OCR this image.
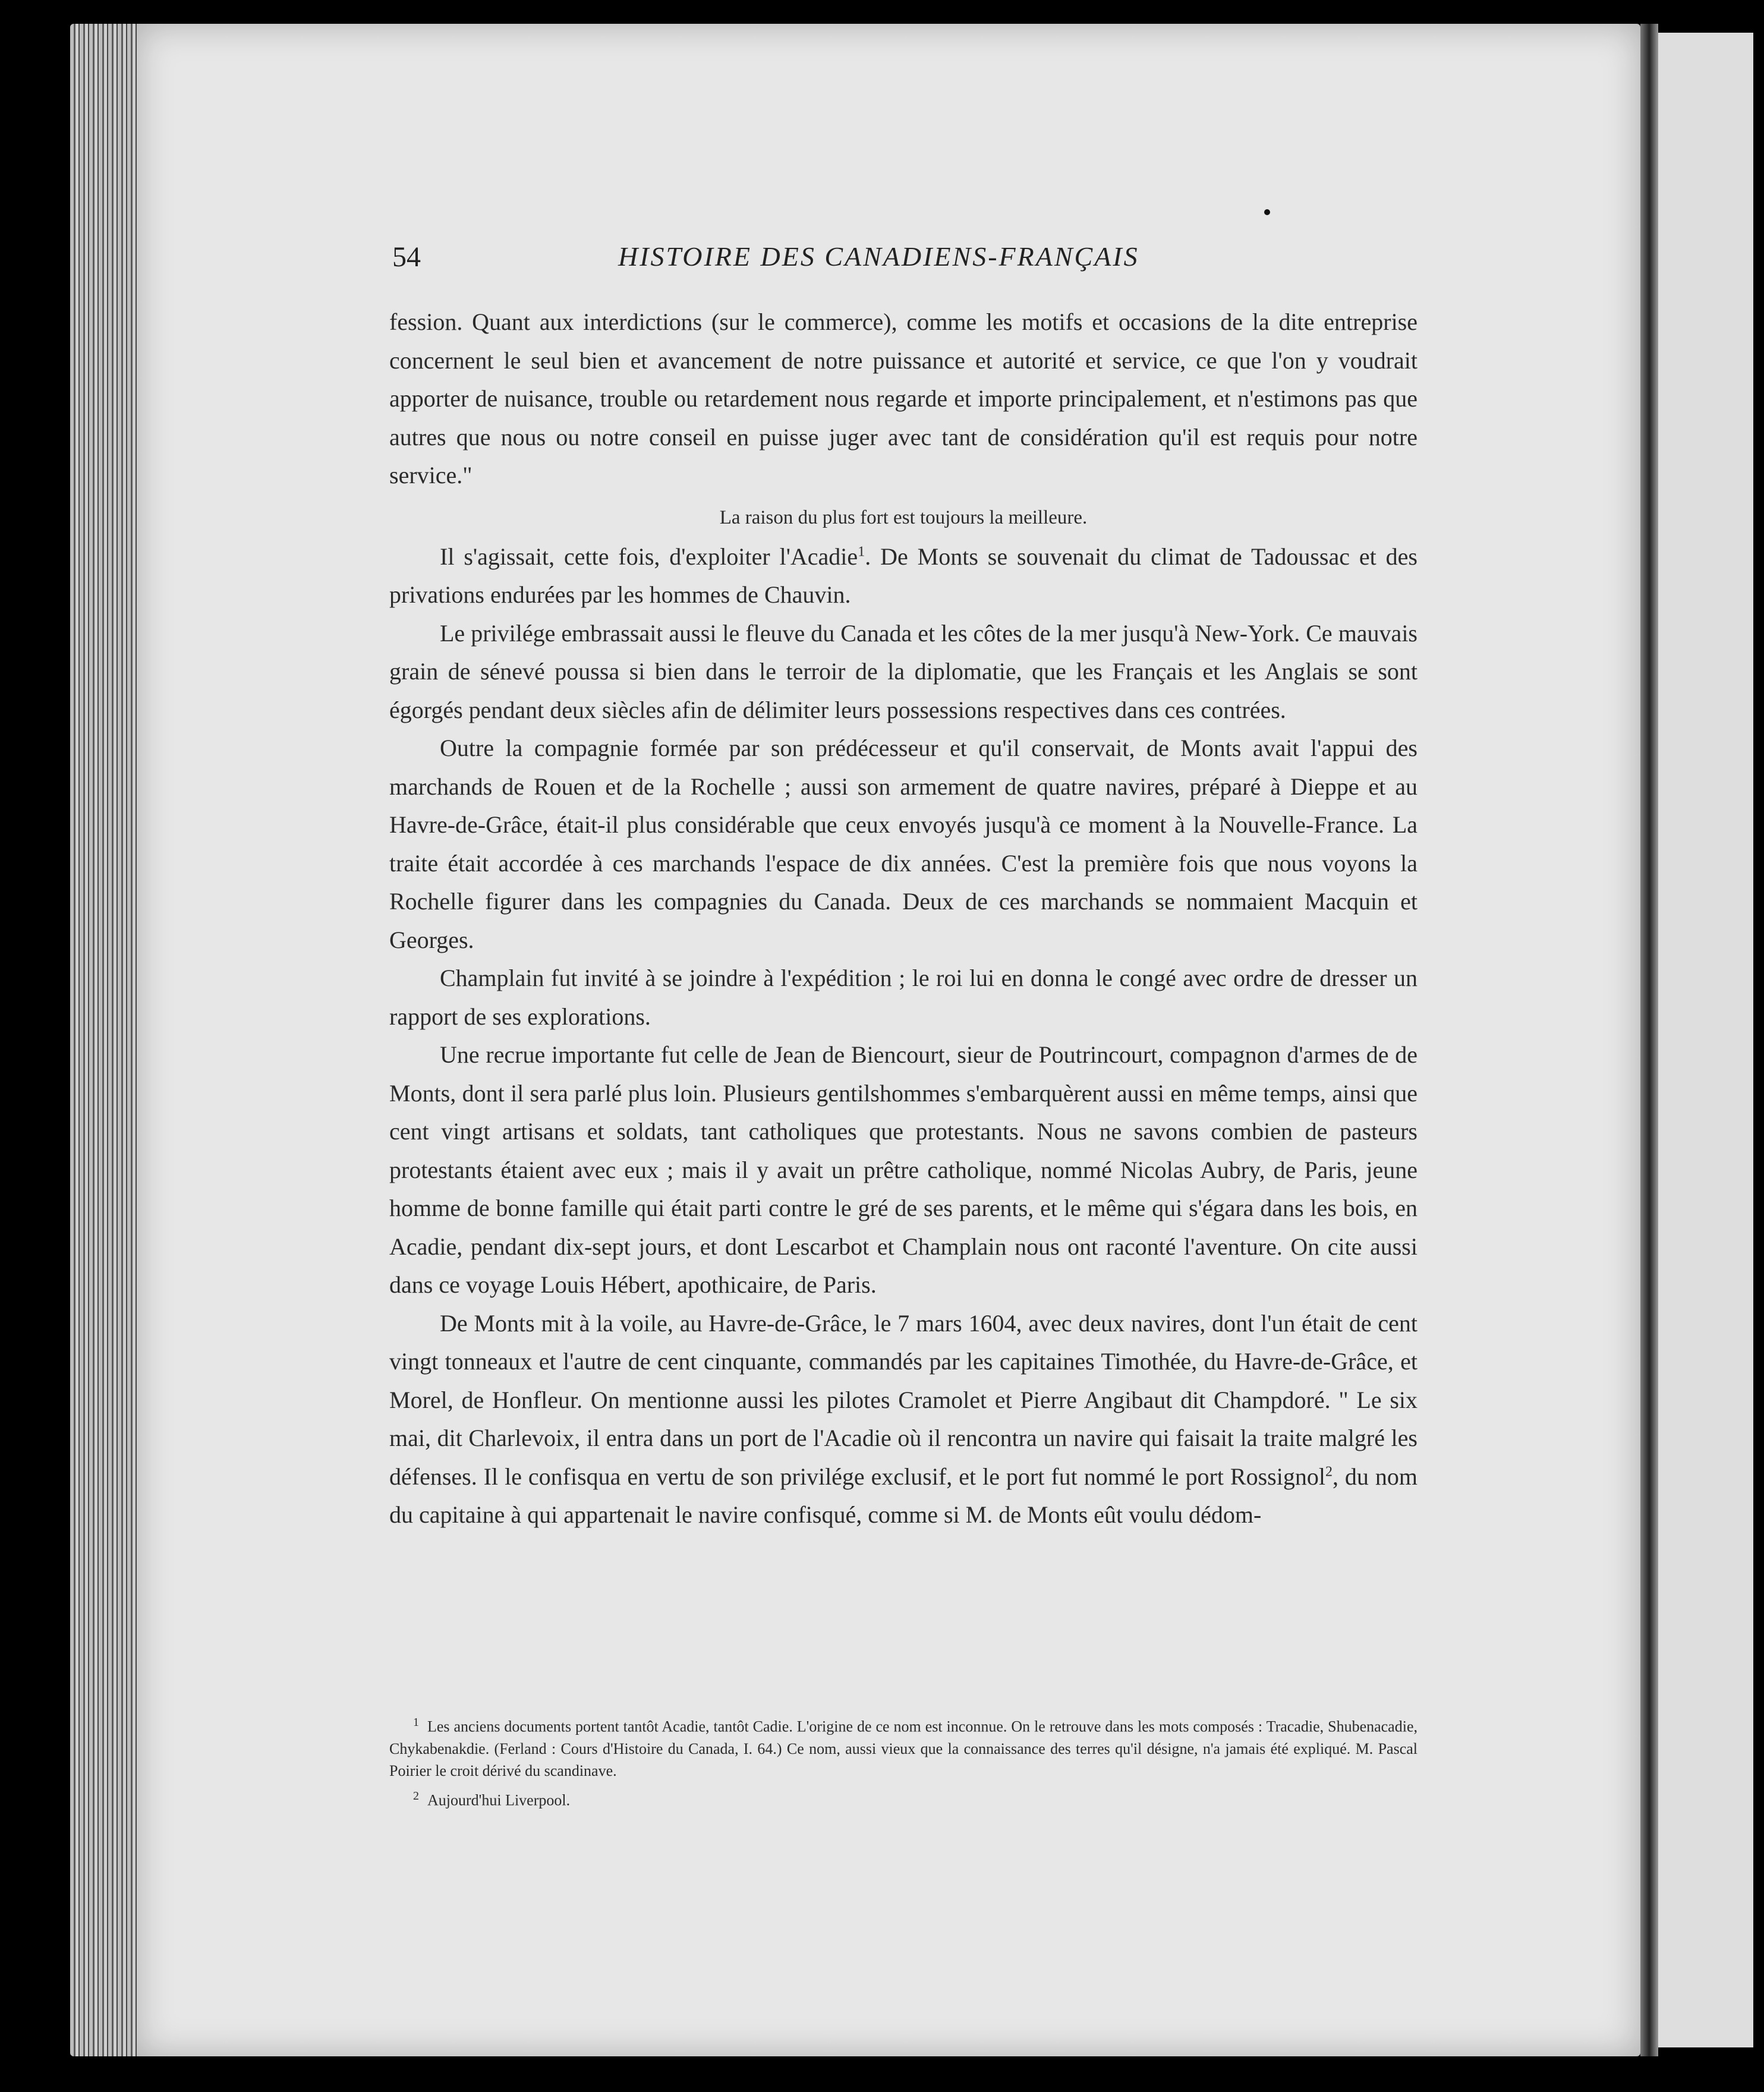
54	HISTOIRE DES CANADIENS-FRANÇAIS

fession. Quant aux interdictions (sur le commerce), comme les motifs et occasions de la dite entreprise concernent le seul bien et avancement de notre puissance et autorité et service, ce que l'on y voudrait apporter de nuisance, trouble ou retardement nous regarde et importe principalement, et n'estimons pas que autres que nous ou notre conseil en puisse juger avec tant de considération qu'il est requis pour notre service."

La raison du plus fort est toujours la meilleure.

Il s'agissait, cette fois, d'exploiter l'Acadie$^1$. De Monts se souvenait du climat de Tadoussac et des privations endurées par les hommes de Chauvin.

Le privilége embrassait aussi le fleuve du Canada et les côtes de la mer jusqu'à New-York. Ce mauvais grain de sénevé poussa si bien dans le terroir de la diplomatie, que les Français et les Anglais se sont égorgés pendant deux siècles afin de délimiter leurs possessions respectives dans ces contrées.

Outre la compagnie formée par son prédécesseur et qu'il conservait, de Monts avait l'appui des marchands de Rouen et de la Rochelle ; aussi son armement de quatre navires, préparé à Dieppe et au Havre-de-Grâce, était-il plus considérable que ceux envoyés jusqu'à ce moment à la Nouvelle-France. La traite était accordée à ces marchands l'espace de dix années. C'est la première fois que nous voyons la Rochelle figurer dans les compagnies du Canada. Deux de ces marchands se nommaient Macquin et Georges.

Champlain fut invité à se joindre à l'expédition ; le roi lui en donna le congé avec ordre de dresser un rapport de ses explorations.

Une recrue importante fut celle de Jean de Biencourt, sieur de Poutrincourt, compagnon d'armes de de Monts, dont il sera parlé plus loin. Plusieurs gentilshommes s'embarquèrent aussi en même temps, ainsi que cent vingt artisans et soldats, tant catholiques que protestants. Nous ne savons combien de pasteurs protestants étaient avec eux ; mais il y avait un prêtre catholique, nommé Nicolas Aubry, de Paris, jeune homme de bonne famille qui était parti contre le gré de ses parents, et le même qui s'égara dans les bois, en Acadie, pendant dix-sept jours, et dont Lescarbot et Champlain nous ont raconté l'aventure. On cite aussi dans ce voyage Louis Hébert, apothicaire, de Paris.

De Monts mit à la voile, au Havre-de-Grâce, le 7 mars 1604, avec deux navires, dont l'un était de cent vingt tonneaux et l'autre de cent cinquante, commandés par les capitaines Timothée, du Havre-de-Grâce, et Morel, de Honfleur. On mentionne aussi les pilotes Cramolet et Pierre Angibaut dit Champdoré. " Le six mai, dit Charlevoix, il entra dans un port de l'Acadie où il rencontra un navire qui faisait la traite malgré les défenses. Il le confisqua en vertu de son privilége exclusif, et le port fut nommé le port Rossignol$^2$, du nom du capitaine à qui appartenait le navire confisqué, comme si M. de Monts eût voulu dédom-

$^1$ Les anciens documents portent tantôt Acadie, tantôt Cadie. L'origine de ce nom est inconnue. On le retrouve dans les mots composés : Tracadie, Shubenacadie, Chykabenakdie. (Ferland : Cours d'Histoire du Canada, I. 64.) Ce nom, aussi vieux que la connaissance des terres qu'il désigne, n'a jamais été expliqué. M. Pascal Poirier le croit dérivé du scandinave.

$^2$ Aujourd'hui Liverpool.
